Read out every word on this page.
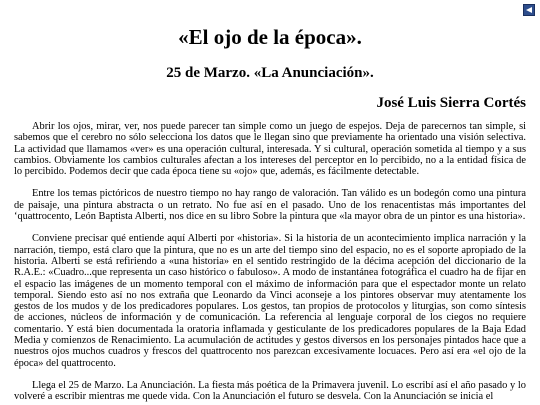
«El ojo de la época».
25 de Marzo. «La Anunciación».
José Luis Sierra Cortés

Abrir los ojos, mirar, ver, nos puede parecer tan simple como un juego de espejos. Deja de parecernos tan simple, si sabemos que el cerebro no sólo selecciona los datos que le llegan sino que previamente ha orientado una visión selectiva. La actividad que llamamos «ver» es una operación cultural, interesada. Y si cultural, operación sometida al tiempo y a sus cambios. Obviamente los cambios culturales afectan a los intereses del perceptor en lo percibido, no a la entidad física de lo percibido. Podemos decir que cada época tiene su «ojo» que, además, es fácilmente detectable.

Entre los temas pictóricos de nuestro tiempo no hay rango de valoración. Tan válido es un bodegón como una pintura de paisaje, una pintura abstracta o un retrato. No fue así en el pasado. Uno de los renacentistas más importantes del ‘quattrocento, León Baptista Alberti, nos dice en su libro Sobre la pintura que «la mayor obra de un pintor es una historia».

Conviene precisar qué entiende aquí Alberti por «historia». Si la historia de un acontecimiento implica narración y la narración, tiempo, está claro que la pintura, que no es un arte del tiempo sino del espacio, no es el soporte apropiado de la historia. Alberti se está refiriendo a «una historia» en el sentido restringido de la décima acepción del diccionario de la R.A.E.: «Cuadro...que representa un caso histórico o fabuloso». A modo de instantánea fotográfica el cuadro ha de fijar en el espacio las imágenes de un momento temporal con el máximo de información para que el espectador monte un relato temporal. Siendo esto así no nos extraña que Leonardo da Vinci aconseje a los pintores observar muy atentamente los gestos de los mudos y de los predicadores populares. Los gestos, tan propios de protocolos y liturgias, son como síntesis de acciones, núcleos de información y de comunicación. La referencia al lenguaje corporal de los ciegos no requiere comentario. Y está bien documentada la oratoria inflamada y gesticulante de los predicadores populares de la Baja Edad Media y comienzos de Renacimiento. La acumulación de actitudes y gestos diversos en los personajes pintados hace que a nuestros ojos muchos cuadros y frescos del quattrocento nos parezcan excesivamente locuaces. Pero así era «el ojo de la época» del quattrocento.

Llega el 25 de Marzo. La Anunciación. La fiesta más poética de la Primavera juvenil. Lo escribí así el año pasado y lo volveré a escribir mientras me quede vida. Con la Anunciación el futuro se desvela. Con la Anunciación se inicia el
